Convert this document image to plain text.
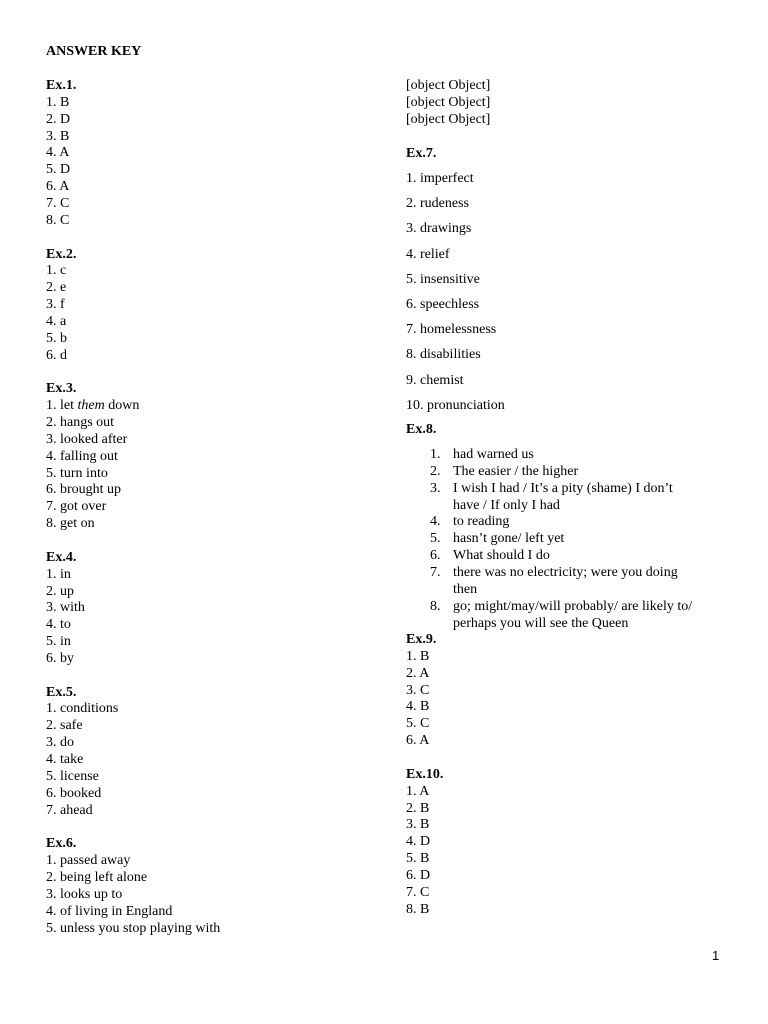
ANSWER KEY
Ex.1.
1. B
2. D
3. B
4. A
5. D
6. A
7. C
8. C
Ex.2.
1. c
2. e
3. f
4. a
5. b
6. d
Ex.3.
1. let them down
2. hangs out
3. looked after
4. falling out
5. turn into
6. brought up
7. got over
8. get on
Ex.4.
1. in
2. up
3. with
4. to
5. in
6. by
Ex.5.
1. conditions
2. safe
3. do
4. take
5. license
6. booked
7. ahead
Ex.6.
1. passed away
2. being left alone
3. looks up to
4. of living in England
5. unless you stop playing with
[object Object]
[object Object]
[object Object]
Ex.7.
1. imperfect
2. rudeness
3. drawings
4. relief
5. insensitive
6. speechless
7. homelessness
8. disabilities
9. chemist
10. pronunciation
Ex.8.
1. had warned us
2. The easier / the higher
3. I wish I had / It’s a pity (shame) I don’t
have / If only I had
4. to reading
5. hasn’t gone/ left yet
6. What should I do
7. there was no electricity; were you doing
then
8. go; might/may/will probably/ are likely to/
perhaps you will see the Queen
Ex.9.
1. B
2. A
3. C
4. B
5. C
6. A
Ex.10.
1. A
2. B
3. B
4. D
5. B
6. D
7. C
8. B
1
